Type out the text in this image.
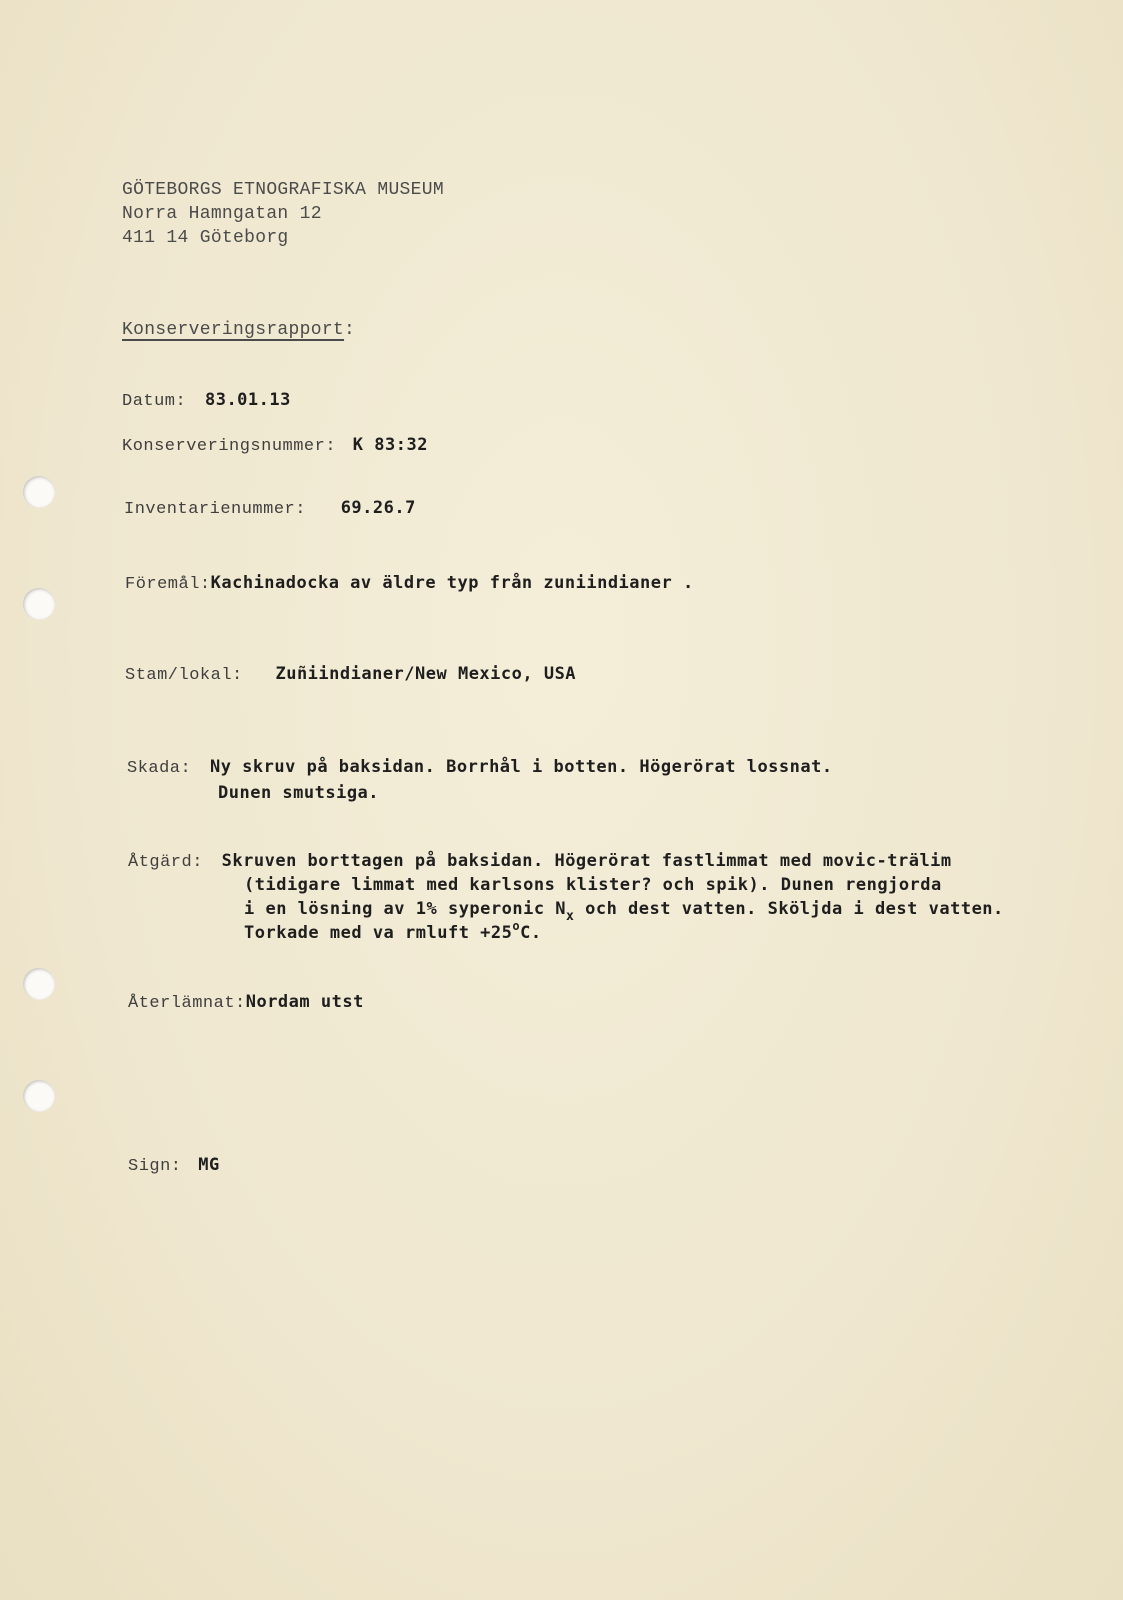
GÖTEBORGS ETNOGRAFISKA MUSEUM
Norra Hamngatan 12
411 14 Göteborg
Konserveringsrapport:
Datum: 83.01.13
Konserveringsnummer: K 83:32
Inventarienummer: 69.26.7
Föremål:Kachinadocka av äldre typ från zuniindianer .
Stam/lokal: Zuñiindianer/New Mexico, USA
Skada: Ny skruv på baksidan. Borrhål i botten. Högerörat lossnat.
Dunen smutsiga.
Åtgärd: Skruven borttagen på baksidan. Högerörat fastlimmat med movic-trälim
(tidigare limmat med karlsons klister? och spik). Dunen rengjorda
i en lösning av 1% syperonic $N_x$ och dest vatten. Sköljda i dest vatten.
Torkade med va rmluft $+25^oC$.
Återlämnat:Nordam utst
Sign: MG
